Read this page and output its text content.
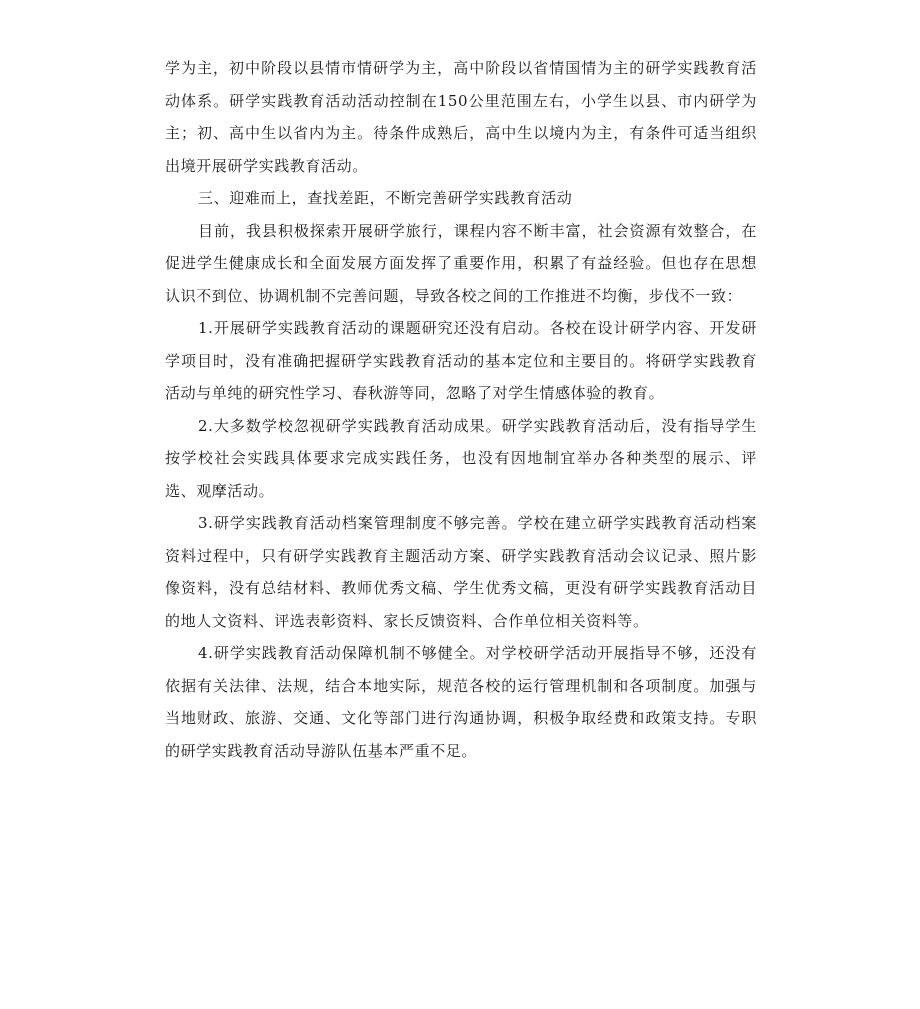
学为主，初中阶段以县情市情研学为主，高中阶段以省情国情为主的研学实践教育活动体系。研学实践教育活动活动控制在150公里范围左右，小学生以县、市内研学为主；初、高中生以省内为主。待条件成熟后，高中生以境内为主，有条件可适当组织出境开展研学实践教育活动。

三、迎难而上，查找差距，不断完善研学实践教育活动

目前，我县积极探索开展研学旅行，课程内容不断丰富，社会资源有效整合，在促进学生健康成长和全面发展方面发挥了重要作用，积累了有益经验。但也存在思想认识不到位、协调机制不完善问题，导致各校之间的工作推进不均衡，步伐不一致：

1.开展研学实践教育活动的课题研究还没有启动。各校在设计研学内容、开发研学项目时，没有准确把握研学实践教育活动的基本定位和主要目的。将研学实践教育活动与单纯的研究性学习、春秋游等同，忽略了对学生情感体验的教育。

2.大多数学校忽视研学实践教育活动成果。研学实践教育活动后，没有指导学生按学校社会实践具体要求完成实践任务，也没有因地制宜举办各种类型的展示、评选、观摩活动。

3.研学实践教育活动档案管理制度不够完善。学校在建立研学实践教育活动档案资料过程中，只有研学实践教育主题活动方案、研学实践教育活动会议记录、照片影像资料，没有总结材料、教师优秀文稿、学生优秀文稿，更没有研学实践教育活动目的地人文资料、评选表彰资料、家长反馈资料、合作单位相关资料等。

4.研学实践教育活动保障机制不够健全。对学校研学活动开展指导不够，还没有依据有关法律、法规，结合本地实际，规范各校的运行管理机制和各项制度。加强与当地财政、旅游、交通、文化等部门进行沟通协调，积极争取经费和政策支持。专职的研学实践教育活动导游队伍基本严重不足。
